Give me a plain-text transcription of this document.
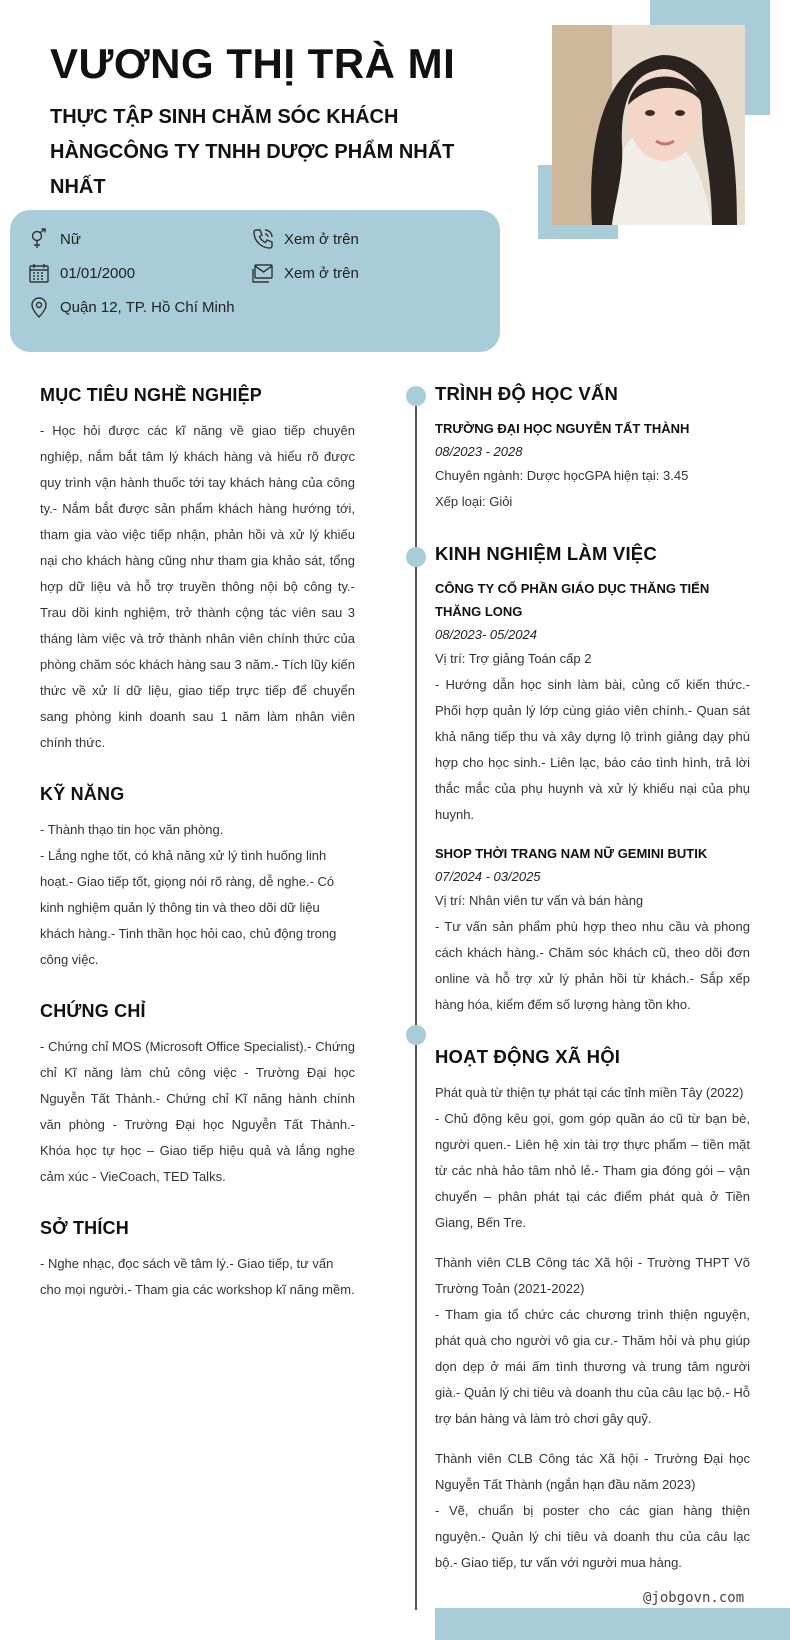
VƯƠNG THỊ TRÀ MI
THỰC TẬP SINH CHĂM SÓC KHÁCH HÀNGCÔNG TY TNHH DƯỢC PHẨM NHẤT NHẤT
Nữ	Xem ở trên
01/01/2000	Xem ở trên
Quận 12, TP. Hồ Chí Minh
MỤC TIÊU NGHỀ NGHIỆP
- Học hỏi được các kĩ năng về giao tiếp chuyên nghiệp, nắm bắt tâm lý khách hàng và hiểu rõ được quy trình vận hành thuốc tới tay khách hàng của công ty.- Nắm bắt được sản phẩm khách hàng hướng tới, tham gia vào việc tiếp nhận, phản hồi và xử lý khiếu nại cho khách hàng cũng như tham gia khảo sát, tổng hợp dữ liệu và hỗ trợ truyền thông nội bộ công ty.- Trau dồi kinh nghiệm, trở thành cộng tác viên sau 3 tháng làm việc và trở thành nhân viên chính thức của phòng chăm sóc khách hàng sau 3 năm.- Tích lũy kiến thức về xử lí dữ liệu, giao tiếp trực tiếp để chuyển sang phòng kinh doanh sau 1 năm làm nhân viên chính thức.
KỸ NĂNG
- Thành thạo tin học văn phòng.
- Lắng nghe tốt, có khả năng xử lý tình huống linh hoạt.- Giao tiếp tốt, giọng nói rõ ràng, dễ nghe.- Có kinh nghiệm quản lý thông tin và theo dõi dữ liệu khách hàng.- Tinh thần học hỏi cao, chủ động trong công việc.
CHỨNG CHỈ
- Chứng chỉ MOS (Microsoft Office Specialist).- Chứng chỉ Kĩ năng làm chủ công việc - Trường Đại học Nguyễn Tất Thành.- Chứng chỉ Kĩ năng hành chính văn phòng - Trường Đại học Nguyễn Tất Thành.- Khóa học tự học – Giao tiếp hiệu quả và lắng nghe cảm xúc - VieCoach, TED Talks.
SỞ THÍCH
- Nghe nhạc, đọc sách về tâm lý.- Giao tiếp, tư vấn cho mọi người.- Tham gia các workshop kĩ năng mềm.
TRÌNH ĐỘ HỌC VẤN
TRƯỜNG ĐẠI HỌC NGUYỄN TẤT THÀNH
08/2023 - 2028
Chuyên ngành: Dược họcGPA hiện tại: 3.45
Xếp loại: Giỏi
KINH NGHIỆM LÀM VIỆC
CÔNG TY CỔ PHẦN GIÁO DỤC THĂNG TIẾN THĂNG LONG
08/2023- 05/2024
Vị trí: Trợ giảng Toán cấp 2
- Hướng dẫn học sinh làm bài, củng cố kiến thức.- Phối hợp quản lý lớp cùng giáo viên chính.- Quan sát khả năng tiếp thu và xây dựng lộ trình giảng dạy phù hợp cho học sinh.- Liên lạc, báo cáo tình hình, trả lời thắc mắc của phụ huynh và xử lý khiếu nại của phụ huynh.
SHOP THỜI TRANG NAM NỮ GEMINI BUTIK
07/2024 - 03/2025
Vị trí: Nhân viên tư vấn và bán hàng
- Tư vấn sản phẩm phù hợp theo nhu cầu và phong cách khách hàng.- Chăm sóc khách cũ, theo dõi đơn online và hỗ trợ xử lý phản hồi từ khách.- Sắp xếp hàng hóa, kiểm đếm số lượng hàng tồn kho.
HOẠT ĐỘNG XÃ HỘI
Phát quà từ thiện tự phát tại các tỉnh miền Tây (2022)
- Chủ động kêu gọi, gom góp quần áo cũ từ bạn bè, người quen.- Liên hệ xin tài trợ thực phẩm – tiền mặt từ các nhà hảo tâm nhỏ lẻ.- Tham gia đóng gói – vận chuyển – phân phát tại các điểm phát quà ở Tiền Giang, Bến Tre.
Thành viên CLB Công tác Xã hội - Trường THPT Võ Trường Toản (2021-2022)
- Tham gia tổ chức các chương trình thiện nguyện, phát quà cho người vô gia cư.- Thăm hỏi và phụ giúp dọn dẹp ở mái ấm tình thương và trung tâm người già.- Quản lý chi tiêu và doanh thu của câu lạc bộ.- Hỗ trợ bán hàng và làm trò chơi gây quỹ.
Thành viên CLB Công tác Xã hội - Trường Đại học Nguyễn Tất Thành (ngắn hạn đầu năm 2023)
- Vẽ, chuẩn bị poster cho các gian hàng thiện nguyện.- Quản lý chi tiêu và doanh thu của câu lạc bộ.- Giao tiếp, tư vấn với người mua hàng.
@jobgovn.com
